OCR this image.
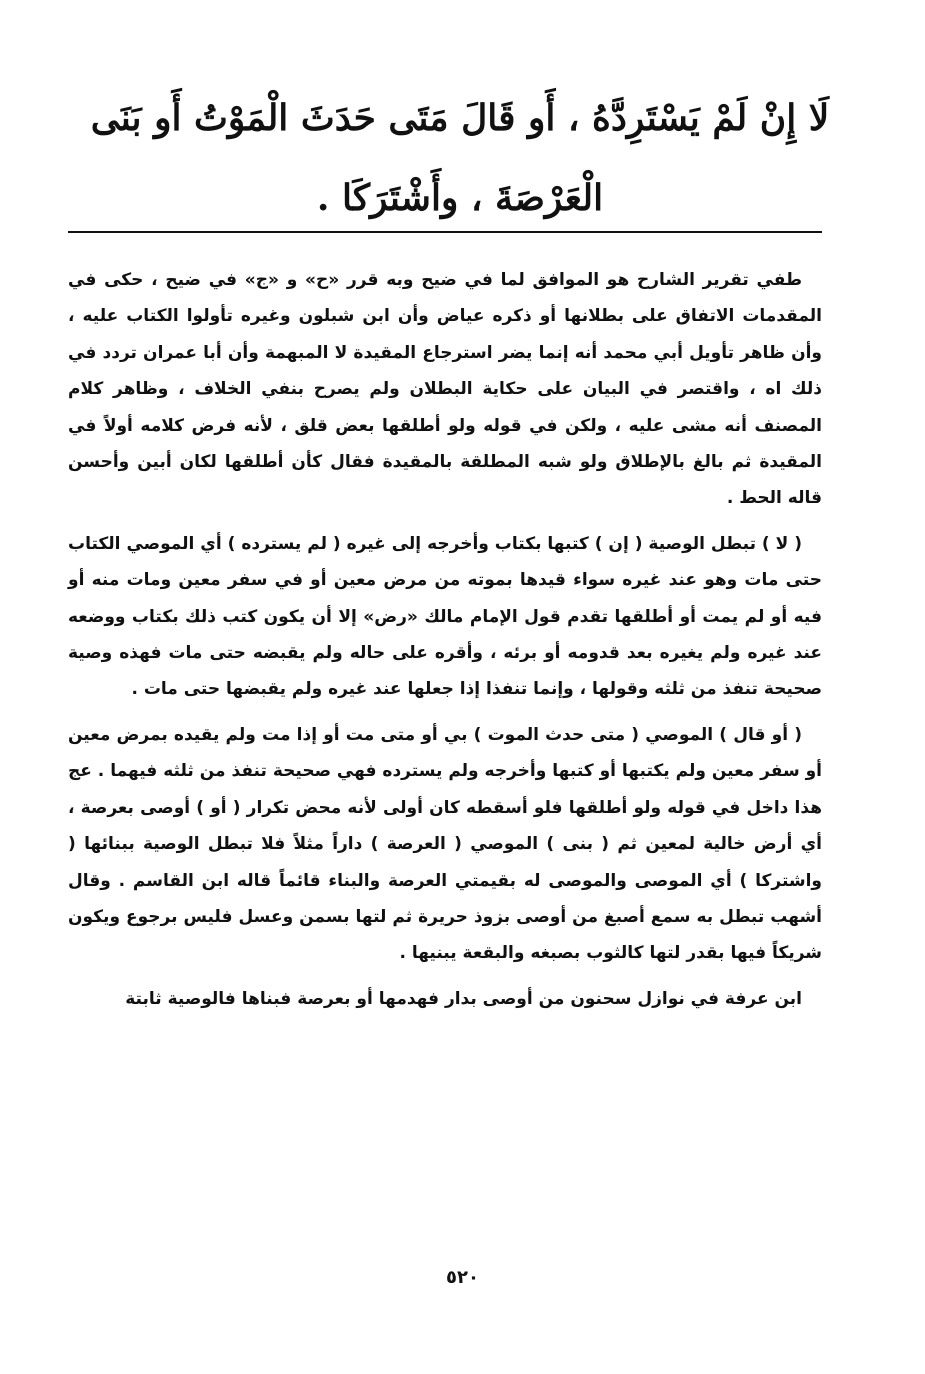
لَا إِنْ لَمْ يَسْتَرِدَّهُ ، أَو قَالَ مَتَى حَدَثَ الْمَوْتُ أَو بَنَى
الْعَرْصَةَ ، وأَشْتَرَكَا .

طفي تقرير الشارح هو الموافق لما في ضيح وبه قرر «ح» و «ج» في ضيح ، حكى في المقدمات الاتفاق على بطلانها أو ذكره عياض وأن ابن شبلون وغيره تأولوا الكتاب عليه ، وأن ظاهر تأويل أبي محمد أنه إنما يضر استرجاع المقيدة لا المبهمة وأن أبا عمران تردد في ذلك اه ، واقتصر في البيان على حكاية البطلان ولم يصرح بنفي الخلاف ، وظاهر كلام المصنف أنه مشى عليه ، ولكن في قوله ولو أطلقها بعض قلق ، لأنه فرض كلامه أولاً في المقيدة ثم بالغ بالإطلاق ولو شبه المطلقة بالمقيدة فقال كأن أطلقها لكان أبين وأحسن قاله الحط .

( لا ) تبطل الوصية ( إن ) كتبها بكتاب وأخرجه إلى غيره ( لم يسترده ) أي الموصي الكتاب حتى مات وهو عند غيره سواء قيدها بموته من مرض معين أو في سفر معين ومات منه أو فيه أو لم يمت أو أطلقها تقدم قول الإمام مالك «رض» إلا أن يكون كتب ذلك بكتاب ووضعه عند غيره ولم يغيره بعد قدومه أو برئه ، وأقره على حاله ولم يقبضه حتى مات فهذه وصية صحيحة تنفذ من ثلثه وقولها ، وإنما تنفذا إذا جعلها عند غيره ولم يقبضها حتى مات .

( أو قال ) الموصي ( متى حدث الموت ) بي أو متى مت أو إذا مت ولم يقيده بمرض معين أو سفر معين ولم يكتبها أو كتبها وأخرجه ولم يسترده فهي صحيحة تنفذ من ثلثه فيهما . عج هذا داخل في قوله ولو أطلقها فلو أسقطه كان أولى لأنه محض تكرار ( أو ) أوصى بعرصة ، أي أرض خالية لمعين ثم ( بنى ) الموصي ( العرصة ) داراً مثلاً فلا تبطل الوصية ببنائها ( واشتركا ) أي الموصى والموصى له بقيمتي العرصة والبناء قائماً قاله ابن القاسم . وقال أشهب تبطل به سمع أصبغ من أوصى بزوذ حريرة ثم لتها بسمن وعسل فليس برجوع ويكون شريكاً فيها بقدر لتها كالثوب بصبغه والبقعة يبنيها .

ابن عرفة في نوازل سحنون من أوصى بدار فهدمها أو بعرصة فبناها فالوصية ثابتة

٥٢٠
